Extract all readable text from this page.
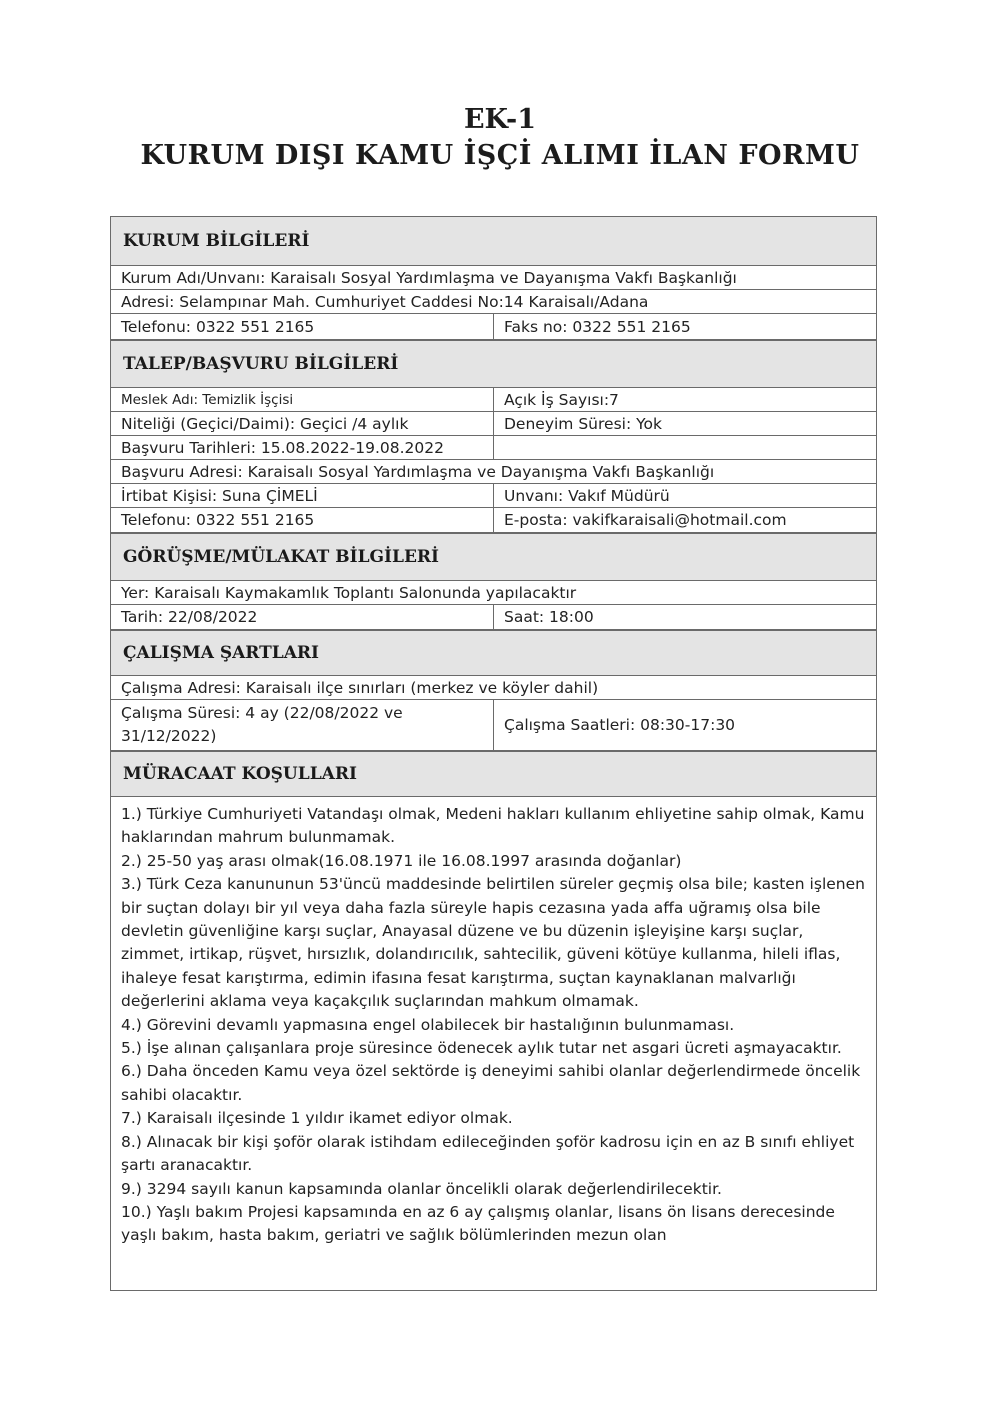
EK-1
KURUM DIŞI KAMU İŞÇİ ALIMI İLAN FORMU
KURUM BİLGİLERİ
Kurum Adı/Unvanı: Karaisalı Sosyal Yardımlaşma ve Dayanışma Vakfı Başkanlığı
Adresi: Selampınar Mah. Cumhuriyet Caddesi No:14 Karaisalı/Adana
Telefonu: 0322 551 2165	Faks no: 0322 551 2165
TALEP/BAŞVURU BİLGİLERİ
Meslek Adı: Temizlik İşçisi	Açık İş Sayısı:7
Niteliği (Geçici/Daimi): Geçici /4 aylık	Deneyim Süresi: Yok
Başvuru Tarihleri: 15.08.2022-19.08.2022
Başvuru Adresi: Karaisalı Sosyal Yardımlaşma ve Dayanışma Vakfı Başkanlığı
İrtibat Kişisi: Suna ÇİMELİ	Unvanı: Vakıf Müdürü
Telefonu: 0322 551 2165	E-posta: vakifkaraisali@hotmail.com
GÖRÜŞME/MÜLAKAT BİLGİLERİ
Yer: Karaisalı Kaymakamlık Toplantı Salonunda yapılacaktır
Tarih: 22/08/2022	Saat: 18:00
ÇALIŞMA ŞARTLARI
Çalışma Adresi: Karaisalı ilçe sınırları (merkez ve köyler dahil)
Çalışma Süresi: 4 ay (22/08/2022 ve 31/12/2022)
Çalışma Saatleri: 08:30-17:30
MÜRACAAT KOŞULLARI

1.) Türkiye Cumhuriyeti Vatandaşı olmak, Medeni hakları kullanım ehliyetine sahip olmak, Kamu haklarından mahrum bulunmamak.

2.) 25-50 yaş arası olmak(16.08.1971 ile 16.08.1997 arasında doğanlar)

3.) Türk Ceza kanununun 53'üncü maddesinde belirtilen süreler geçmiş olsa bile; kasten işlenen bir suçtan dolayı bir yıl veya daha fazla süreyle hapis cezasına yada affa uğramış olsa bile devletin güvenliğine karşı suçlar, Anayasal düzene ve bu düzenin işleyişine karşı suçlar, zimmet, irtikap, rüşvet, hırsızlık, dolandırıcılık, sahtecilik, güveni kötüye kullanma, hileli iflas, ihaleye fesat karıştırma, edimin ifasına fesat karıştırma, suçtan kaynaklanan malvarlığı değerlerini aklama veya kaçakçılık suçlarından mahkum olmamak.

4.) Görevini devamlı yapmasına engel olabilecek bir hastalığının bulunmaması.

5.) İşe alınan çalışanlara proje süresince ödenecek aylık tutar net asgari ücreti aşmayacaktır.

6.) Daha önceden Kamu veya özel sektörde iş deneyimi sahibi olanlar değerlendirmede öncelik sahibi olacaktır.

7.) Karaisalı ilçesinde 1 yıldır ikamet ediyor olmak.

8.) Alınacak bir kişi şoför olarak istihdam edileceğinden şoför kadrosu için en az B sınıfı ehliyet şartı aranacaktır.

9.) 3294 sayılı kanun kapsamında olanlar öncelikli olarak değerlendirilecektir.

10.) Yaşlı bakım Projesi kapsamında en az 6 ay çalışmış olanlar, lisans ön lisans derecesinde yaşlı bakım, hasta bakım, geriatri ve sağlık bölümlerinden mezun olan
